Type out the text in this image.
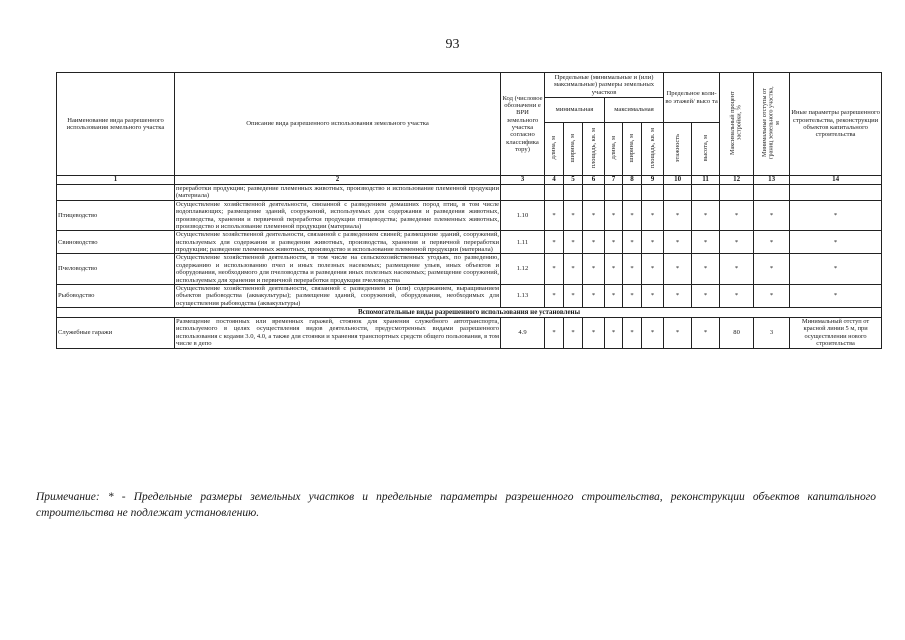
93
Наименование вида разрешенного использования земельного участка	Описание вида разрешенного использования земельного участка	Код (числовое обозначени е ВРИ земельного участка согласно классифика тору)	Предельные (минимальные и (или) максимальные) размеры земельных участков						Предельное коли-во этажей/ высо та		Максимальный процент застройки, %	Минимальные отступы от границ земельного участка, м	Иные параметры разрешенного строительства, реконструкции объектов капитального строительства
			минимальная			максимальная							
			длина, м	ширина, м	площадь, кв. м	длина, м	ширина, м	площадь, кв. м	этажность	высота, м			
1	2	3	4	5	6	7	8	9	10	11	12	13	14
	переработки продукции; разведение племенных животных, производство и использование племенной продукции (материала)												
Птицеводство	Осуществление хозяйственной деятельности, связанной с разведением домашних пород птиц, в том числе водоплавающих; размещение зданий, сооружений, используемых для содержания и разведения животных, производства, хранения и первичной переработки продукции птицеводства; разведение племенных животных, производство и использование племенной продукции (материала)	1.10	*	*	*	*	*	*	*	*	*	*	*
Свиноводство	Осуществление хозяйственной деятельности, связанной с разведением свиней; размещение зданий, сооружений, используемых для содержания и разведения животных, производства, хранения и первичной переработки продукции; разведение племенных животных, производство и использование племенной продукции (материала)	1.11	*	*	*	*	*	*	*	*	*	*	*
Пчеловодство	Осуществление хозяйственной деятельности, в том числе на сельскохозяйственных угодьях, по разведению, содержанию и использованию пчел и иных полезных насекомых; размещение ульев, иных объектов и оборудования, необходимого для пчеловодства и разведения иных полезных насекомых; размещение сооружений, используемых для хранения и первичной переработки продукции пчеловодства	1.12	*	*	*	*	*	*	*	*	*	*	*
Рыбоводство	Осуществление хозяйственной деятельности, связанной с разведением и (или) содержанием, выращиванием объектов рыбоводства (аквакультуры); размещение зданий, сооружений, оборудования, необходимых для осуществления рыбоводства (аквакультуры)	1.13	*	*	*	*	*	*	*	*	*	*	*
Вспомогательные виды разрешенного использования не установлены													
Служебные гаражи	Размещение постоянных или временных гаражей, стоянок для хранения служебного автотранспорта, используемого в целях осуществления видов деятельности, предусмотренных видами разрешенного использования с кодами 3.0, 4.0, а также для стоянки и хранения транспортных средств общего пользования, в том числе в депо	4.9	*	*	*	*	*	*	*	*	80	3	Минимальный отступ от красной линии 5 м, при осуществлении нового строительства
Примечание: * - Предельные размеры земельных участков и предельные параметры разрешенного строительства, реконструкции объектов капитального строительства не подлежат установлению.
